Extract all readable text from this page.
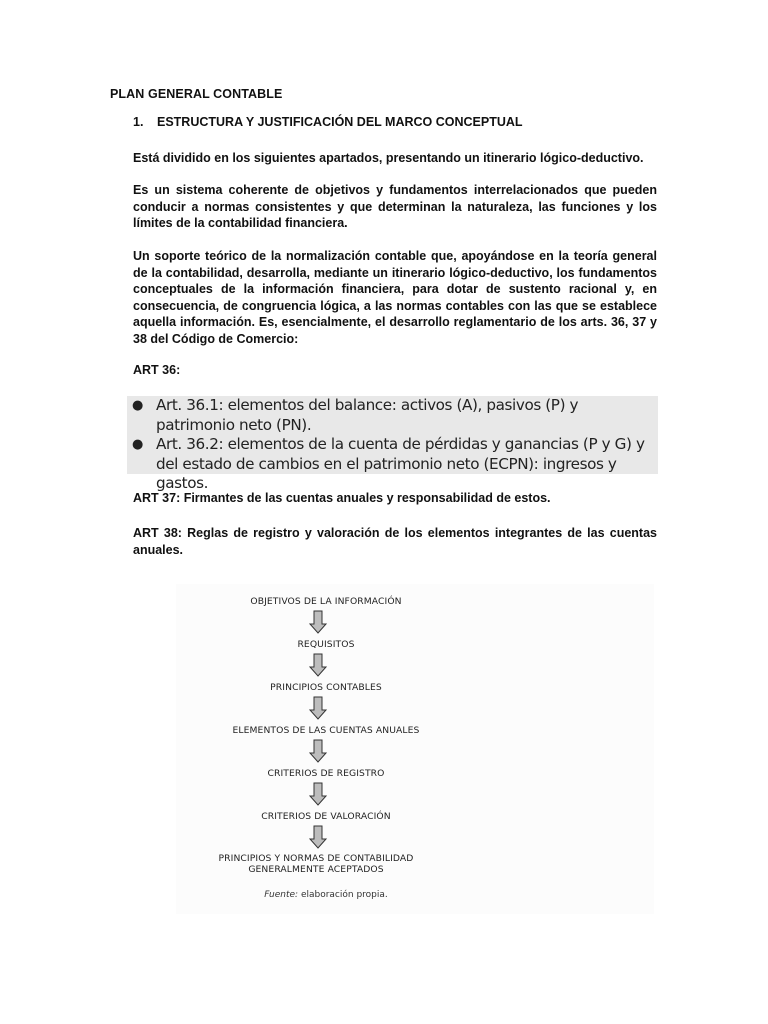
PLAN GENERAL CONTABLE
1. ESTRUCTURA Y JUSTIFICACIÓN DEL MARCO CONCEPTUAL
Está dividido en los siguientes apartados, presentando un itinerario lógico-deductivo.
Es un sistema coherente de objetivos y fundamentos interrelacionados que pueden conducir a normas consistentes y que determinan la naturaleza, las funciones y los límites de la contabilidad financiera.
Un soporte teórico de la normalización contable que, apoyándose en la teoría general de la contabilidad, desarrolla, mediante un itinerario lógico-deductivo, los fundamentos conceptuales de la información financiera, para dotar de sustento racional y, en consecuencia, de congruencia lógica, a las normas contables con las que se establece aquella información. Es, esencialmente, el desarrollo reglamentario de los arts. 36, 37 y 38 del Código de Comercio:
ART 36:
● Art. 36.1: elementos del balance: activos (A), pasivos (P) y patrimonio neto (PN).
● Art. 36.2: elementos de la cuenta de pérdidas y ganancias (P y G) y del estado de cambios en el patrimonio neto (ECPN): ingresos y gastos.
ART 37: Firmantes de las cuentas anuales y responsabilidad de estos.
ART 38: Reglas de registro y valoración de los elementos integrantes de las cuentas anuales.
OBJETIVOS DE LA INFORMACIÓN
REQUISITOS
PRINCIPIOS CONTABLES
ELEMENTOS DE LAS CUENTAS ANUALES
CRITERIOS DE REGISTRO
CRITERIOS DE VALORACIÓN
PRINCIPIOS Y NORMAS DE CONTABILIDAD GENERALMENTE ACEPTADOS
Fuente: elaboración propia.
